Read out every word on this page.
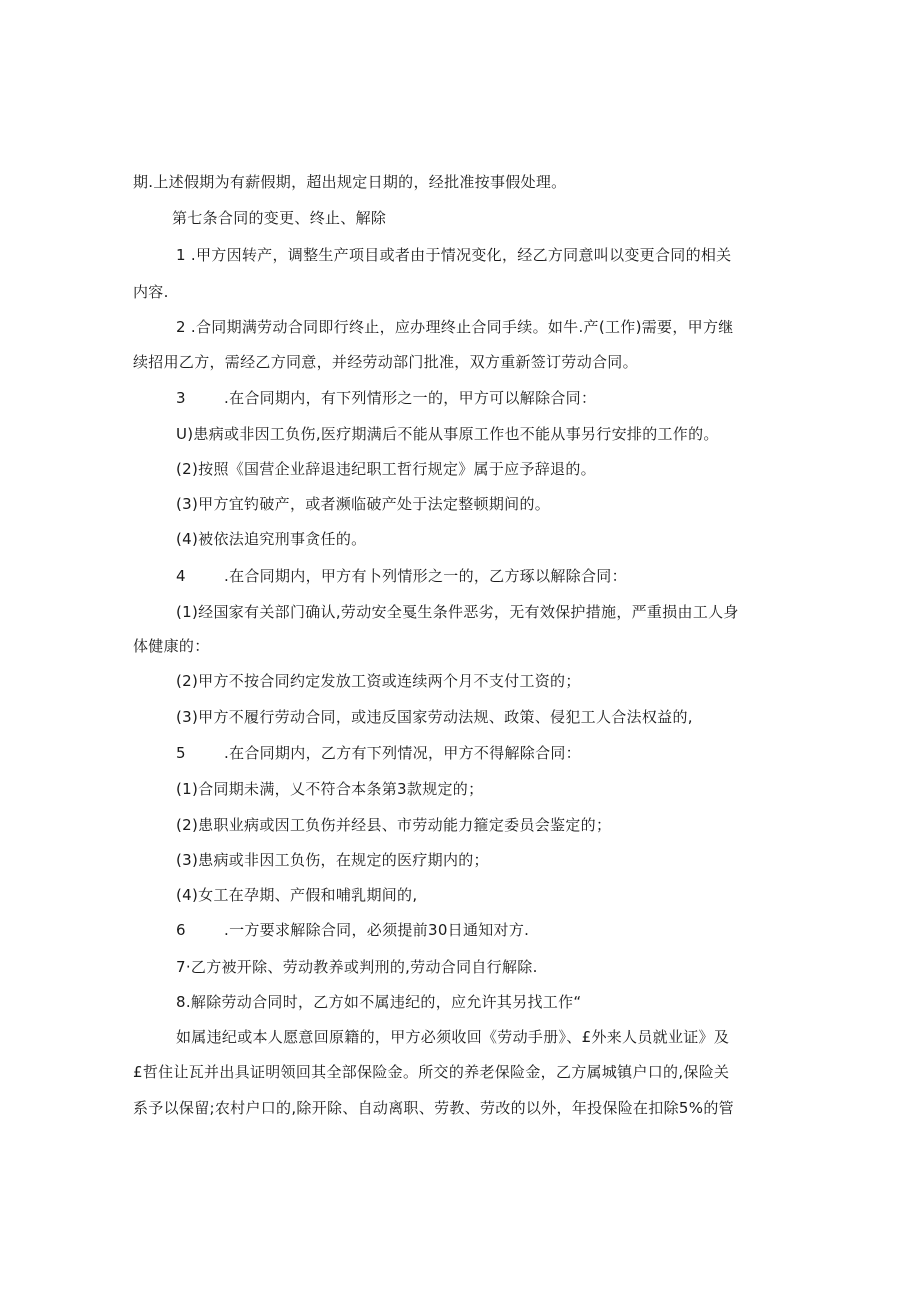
期.上述假期为有薪假期，超出规定日期的，经批准按事假处理。
第七条合同的变更、终止、解除
1 .甲方因转产，调整生产项目或者由于情况变化，经乙方同意叫以变更合同的相关
内容.
2 .合同期满劳动合同即行终止，应办理终止合同手续。如牛.产(工作)需要，甲方继
续招用乙方，需经乙方同意，并经劳动部门批准，双方重新签订劳动合同。
3	.在合同期内，有下列情形之一的，甲方可以解除合同：
U)患病或非因工负伤,医疗期满后不能从事原工作也不能从事另行安排的工作的。
(2)按照《国营企业辞退违纪职工哲行规定》属于应予辞退的。
(3)甲方宜钓破产，或者濒临破产处于法定整顿期间的。
(4)被依法追究刑事贪任的。
4	.在合同期内，甲方有卜列情形之一的，乙方琢以解除合同：
(1)经国家有关部门确认,劳动安全戛生条件恶劣，无有效保护措施，严重损由工人身
体健康的：
(2)甲方不按合同约定发放工资或连续两个月不支付工资的；
(3)甲方不履行劳动合同，或违反国家劳动法规、政策、侵犯工人合法权益的,
5	.在合同期内，乙方有下列情况，甲方不得解除合同：
(1)合同期未满，乂不符合本条第3款规定的；
(2)患职业病或因工负伤并经县、市劳动能力箍定委员会鉴定的；
(3)患病或非因工负伤，在规定的医疗期内的；
(4)女工在孕期、产假和哺乳期间的,
6	.一方要求解除合同，必须提前30日通知对方.
7·乙方被开除、劳动教养或判刑的,劳动合同自行解除.
8.解除劳动合同时，乙方如不属违纪的，应允许其另找工作“
如属违纪或本人愿意回原籍的，甲方必须收回《劳动手册》、£外来人员就业证》及
£哲住让瓦并出具证明领回其全部保险金。所交的养老保险金，乙方属城镇户口的,保险关
系予以保留;农村户口的,除开除、自动离职、劳教、劳改的以外，年投保险在扣除5%的管
